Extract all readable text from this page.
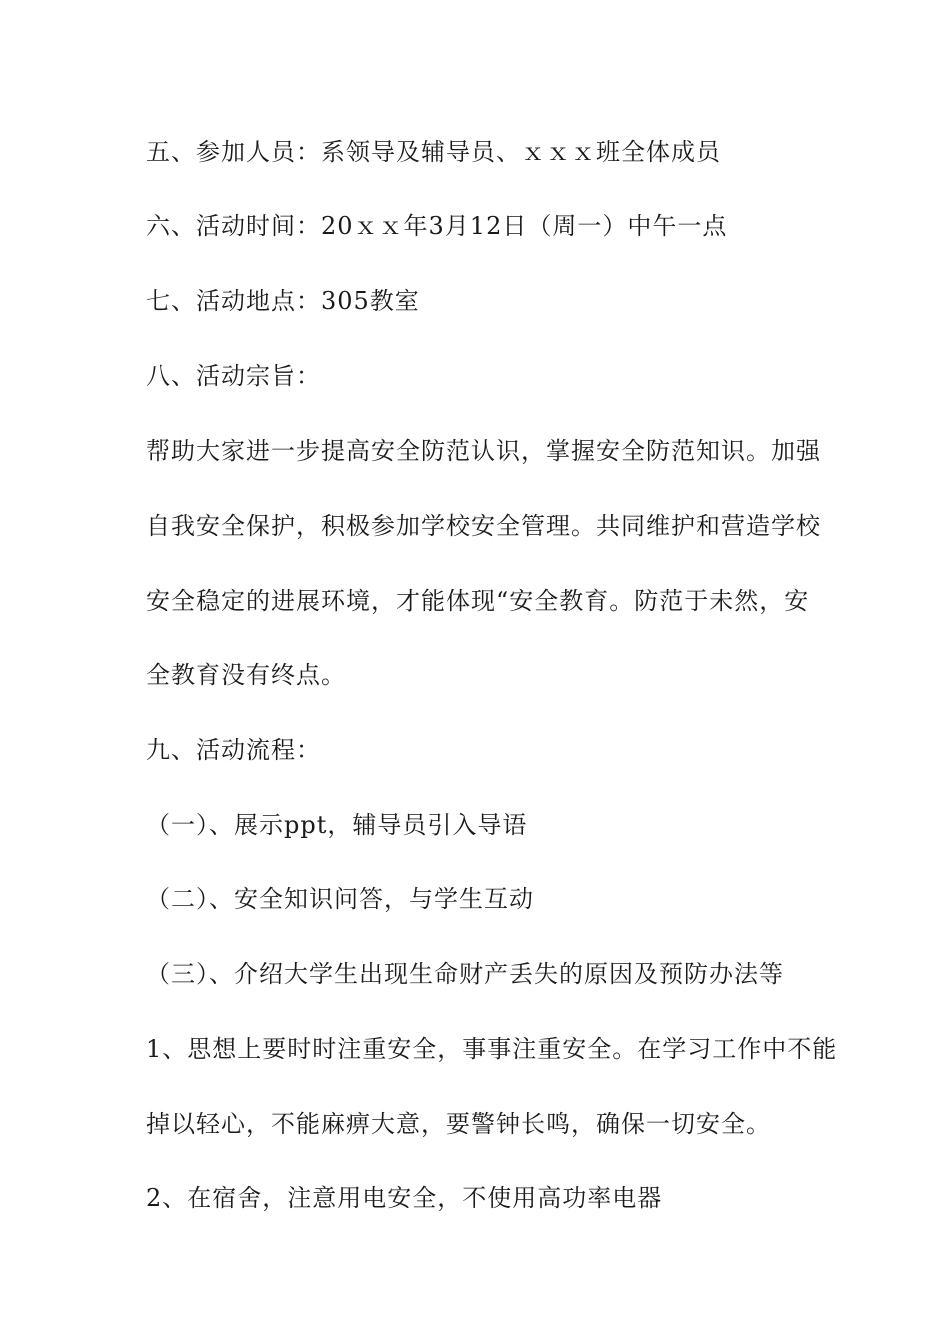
五、参加人员：系领导及辅导员、ｘｘｘ班全体成员
六、活动时间：20ｘｘ年3月12日（周一）中午一点
七、活动地点：305教室
八、活动宗旨：
帮助大家进一步提高安全防范认识，掌握安全防范知识。加强
自我安全保护，积极参加学校安全管理。共同维护和营造学校
安全稳定的进展环境，才能体现“安全教育。防范于未然，安
全教育没有终点。
九、活动流程：
（一）、展示ppt，辅导员引入导语
（二）、安全知识问答，与学生互动
（三）、介绍大学生出现生命财产丢失的原因及预防办法等
1、思想上要时时注重安全，事事注重安全。在学习工作中不能
掉以轻心，不能麻痹大意，要警钟长鸣，确保一切安全。
2、在宿舍，注意用电安全，不使用高功率电器
